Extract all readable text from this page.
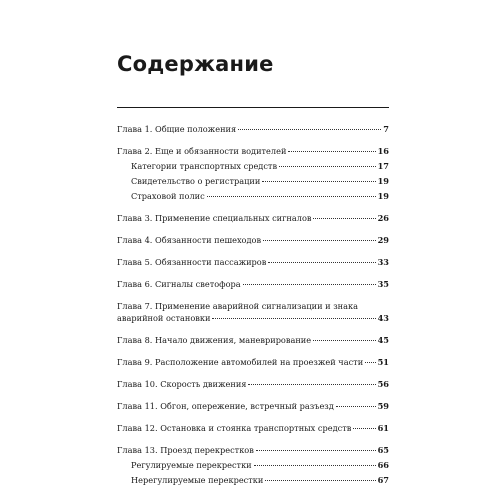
Содержание
Глава 1. Общие положения	7
Глава 2. Еще и обязанности водителей	16
Категории транспортных средств	17
Свидетельство о регистрации	19
Страховой полис	19
Глава 3. Применение специальных сигналов	26
Глава 4. Обязанности пешеходов	29
Глава 5. Обязанности пассажиров	33
Глава 6. Сигналы светофора	35
Глава 7. Применение аварийной сигнализации и знака
аварийной остановки	43
Глава 8. Начало движения, маневрирование	45
Глава 9. Расположение автомобилей на проезжей части 51
Глава 10. Скорость движения	56
Глава 11. Обгон, опережение, встречный разъезд	59
Глава 12. Остановка и стоянка транспортных средств	61
Глава 13. Проезд перекрестков	65
Регулируемые перекрестки	66
Нерегулируемые перекрестки	67
